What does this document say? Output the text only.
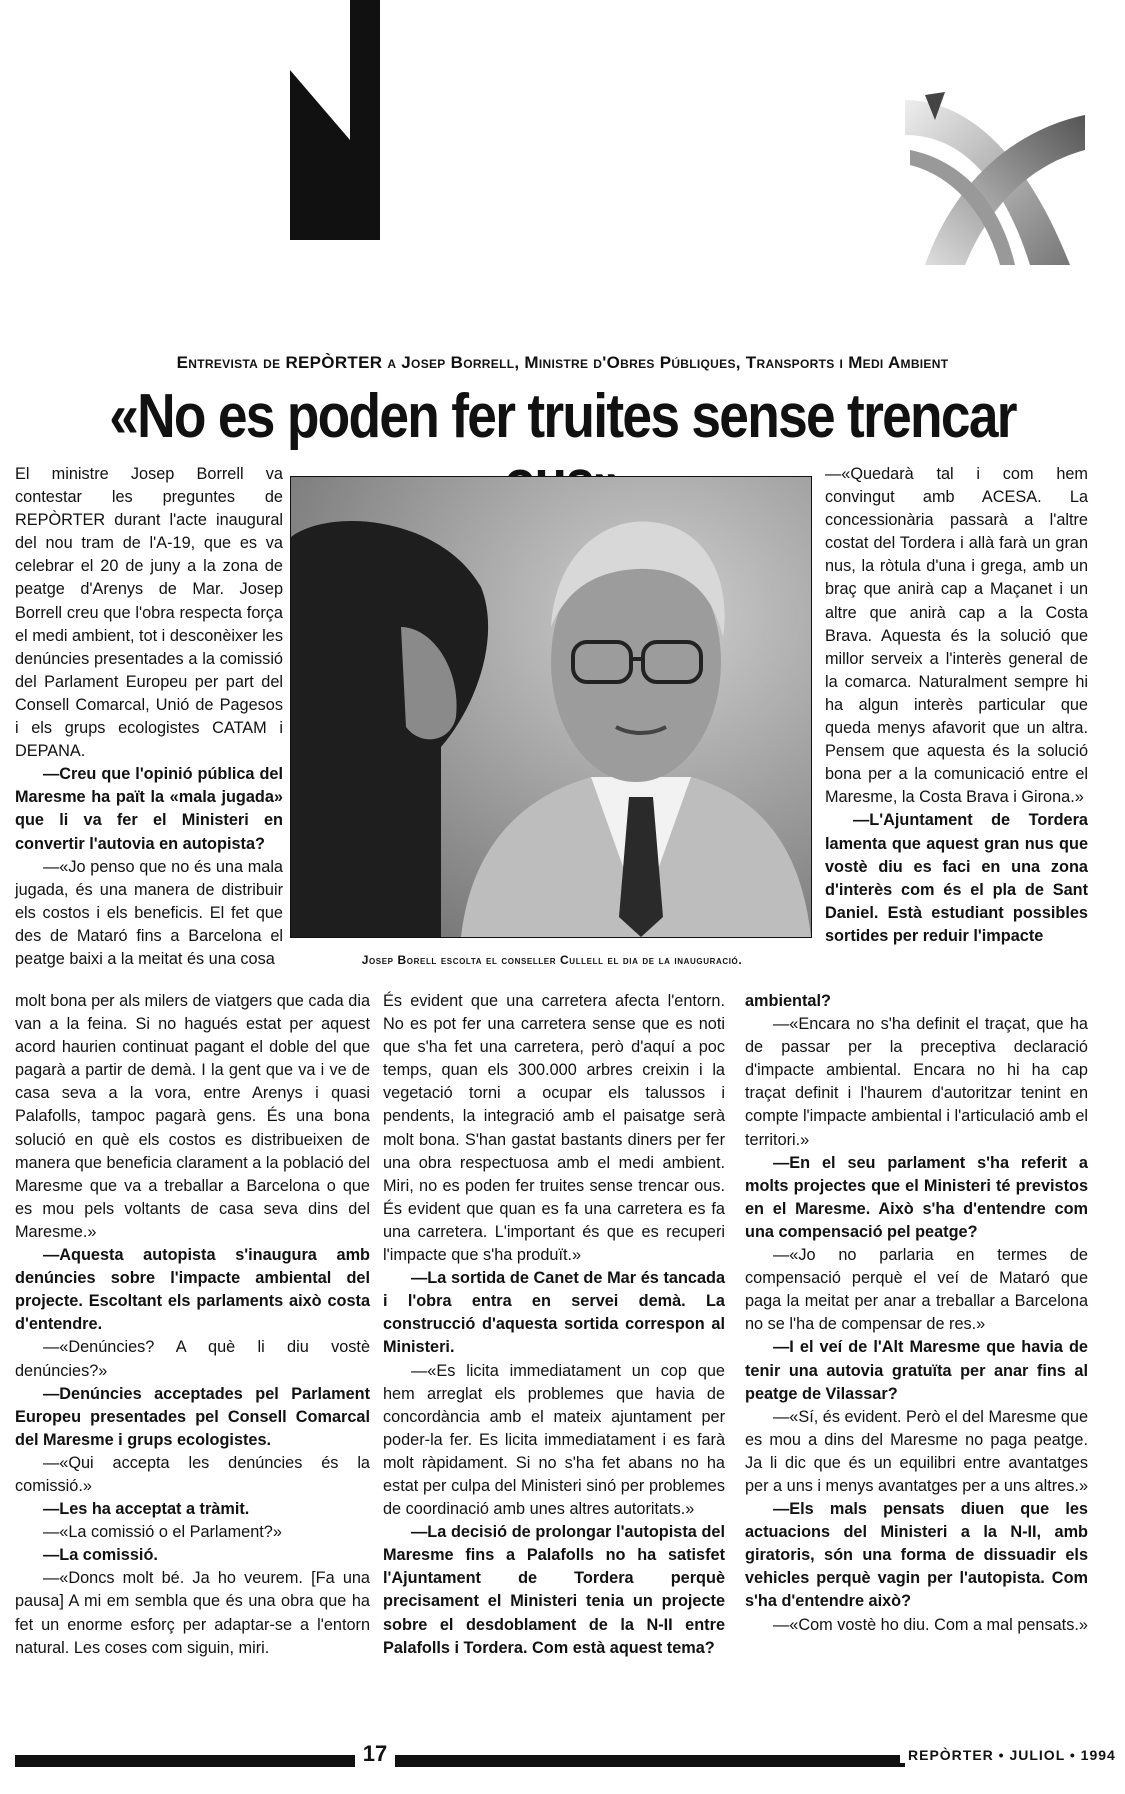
Entrevista de REPÒRTER a Josep Borrell, Ministre d'Obres Públiques, Transports i Medi Ambient
«No es poden fer truites sense trencar

El ministre Josep Borrell va contestar les preguntes de REPÒRTER durant l'acte inaugural del nou tram de l'A-19, que es va celebrar el 20 de juny a la zona de peatge d'Arenys de Mar. Josep Borrell creu que l'obra respecta força el medi ambient, tot i desconèixer les denúncies presentades a la comissió del Parlament Europeu per part del Consell Comarcal, Unió de Pagesos i els grups ecologistes CATAM i DEPANA.

—Creu que l'opinió pública del Maresme ha paït la «mala jugada» que li va fer el Ministeri en convertir l'autovia en autopista?

—«Jo penso que no és una mala jugada, és una manera de distribuir els costos i els beneficis. El fet que des de Mataró fins a Barcelona el peatge baixi a la meitat és una cosa	Josep Borell escolta el conseller Cullell el dia de la inauguració.

molt bona per als milers de viatgers que cada dia van a la feina. Si no hagués estat per aquest acord haurien continuat pagant el doble del que pagarà a partir de demà. I la gent que va i ve de casa seva a la vora, entre Arenys i quasi Palafolls, tampoc pagarà gens. És una bona solució en què els costos es distribueixen de manera que beneficia clarament a la població del Maresme que va a treballar a Barcelona o que es mou pels voltants de casa seva dins del Maresme.»

—Aquesta autopista s'inaugura amb denúncies sobre l'impacte ambiental del projecte. Escoltant els parlaments això costa d'entendre.

—«Denúncies? A què li diu vostè denúncies?»

—Denúncies acceptades pel Parlament Europeu presentades pel Consell Comarcal del Maresme i grups ecologistes.

—«Qui accepta les denúncies és la comissió.»

—Les ha acceptat a tràmit.

—«La comissió o el Parlament?»

—La comissió.

—«Doncs molt bé. Ja ho veurem. [Fa una pausa] A mi em sembla que és una obra que ha fet un enorme esforç per adaptar-se a l'entorn natural. Les coses com siguin, miri.

És evident que una carretera afecta l'entorn. No es pot fer una carretera sense que es noti que s'ha fet una carretera, però d'aquí a poc temps, quan els 300.000 arbres creixin i la vegetació torni a ocupar els talussos i pendents, la integració amb el paisatge serà molt bona. S'han gastat bastants diners per fer una obra respectuosa amb el medi ambient. Miri, no es poden fer truites sense trencar ous. És evident que quan es fa una carretera es fa una carretera. L'important és que es recuperi l'impacte que s'ha produït.»

—La sortida de Canet de Mar és tancada i l'obra entra en servei demà. La construcció d'aquesta sortida correspon al Ministeri.

—«Es licita immediatament un cop que hem arreglat els problemes que havia de concordància amb el mateix ajuntament per poder-la fer. Es licita immediatament i es farà molt ràpidament. Si no s'ha fet abans no ha estat per culpa del Ministeri sinó per problemes de coordinació amb unes altres autoritats.»

—La decisió de prolongar l'autopista del Maresme fins a Palafolls no ha satisfet l'Ajuntament de Tordera perquè precisament el Ministeri tenia un projecte sobre el desdoblament de la N-II entre Palafolls i Tordera. Com està aquest tema?

—«Quedarà tal i com hem convingut amb ACESA. La concessionària passarà a l'altre costat del Tordera i allà farà un gran nus, la ròtula d'una i grega, amb un braç que anirà cap a Maçanet i un altre que anirà cap a la Costa Brava. Aquesta és la solució que millor serveix a l'interès general de la comarca. Naturalment sempre hi ha algun interès particular que queda menys afavorit que un altra. Pensem que aquesta és la solució bona per a la comunicació entre el Maresme, la Costa Brava i Girona.»

—L'Ajuntament de Tordera lamenta que aquest gran nus que vostè diu es faci en una zona d'interès com és el pla de Sant Daniel. Està estudiant possibles sortides per reduir l'impacte

ambiental?

—«Encara no s'ha definit el traçat, que ha de passar per la preceptiva declaració d'impacte ambiental. Encara no hi ha cap traçat definit i l'haurem d'autoritzar tenint en compte l'impacte ambiental i l'articulació amb el territori.»

—En el seu parlament s'ha referit a molts projectes que el Ministeri té previstos en el Maresme. Això s'ha d'entendre com una compensació pel peatge?

—«Jo no parlaria en termes de compensació perquè el veí de Mataró que paga la meitat per anar a treballar a Barcelona no se l'ha de compensar de res.»

—I el veí de l'Alt Maresme que havia de tenir una autovia gratuïta per anar fins al peatge de Vilassar?

—«Sí, és evident. Però el del Maresme que es mou a dins del Maresme no paga peatge. Ja li dic que és un equilibri entre avantatges per a uns i menys avantatges per a uns altres.»

—Els mals pensats diuen que les actuacions del Ministeri a la N-II, amb giratoris, són una forma de dissuadir els vehicles perquè vagin per l'autopista. Com s'ha d'entendre això?

—«Com vostè ho diu. Com a mal pensats.»

17	REPÒRTER • JULIOL • 1994
